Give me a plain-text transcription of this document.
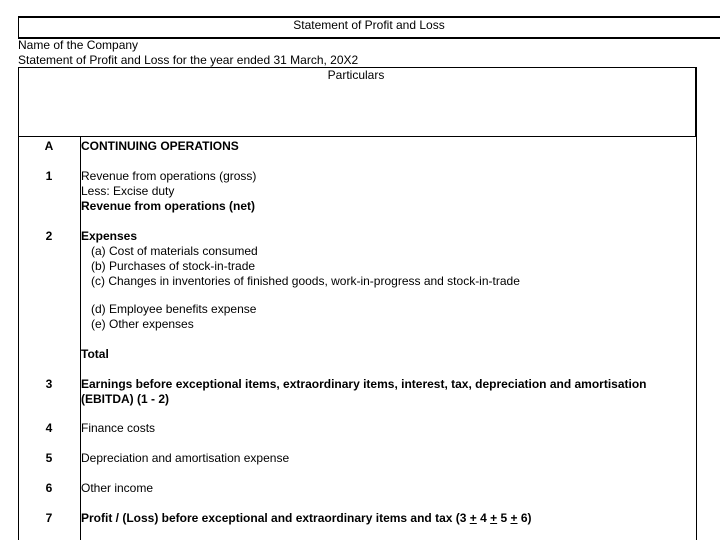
Statement of Profit and Loss
Name of the Company
Statement of Profit and Loss for the year ended 31 March, 20X2
Particulars
A	CONTINUING OPERATIONS
1	Revenue from operations (gross)
Less: Excise duty
Revenue from operations (net)
2	Expenses
(a) Cost of materials consumed
(b) Purchases of stock-in-trade
(c) Changes in inventories of finished goods, work-in-progress and stock-in-trade
(d) Employee benefits expense
(e) Other expenses
Total
3	Earnings before exceptional items, extraordinary items, interest, tax, depreciation and amortisation
(EBITDA) (1 - 2)
4	Finance costs
5	Depreciation and amortisation expense
6	Other income
7	Profit / (Loss) before exceptional and extraordinary items and tax (3 + 4 + 5 + 6)
